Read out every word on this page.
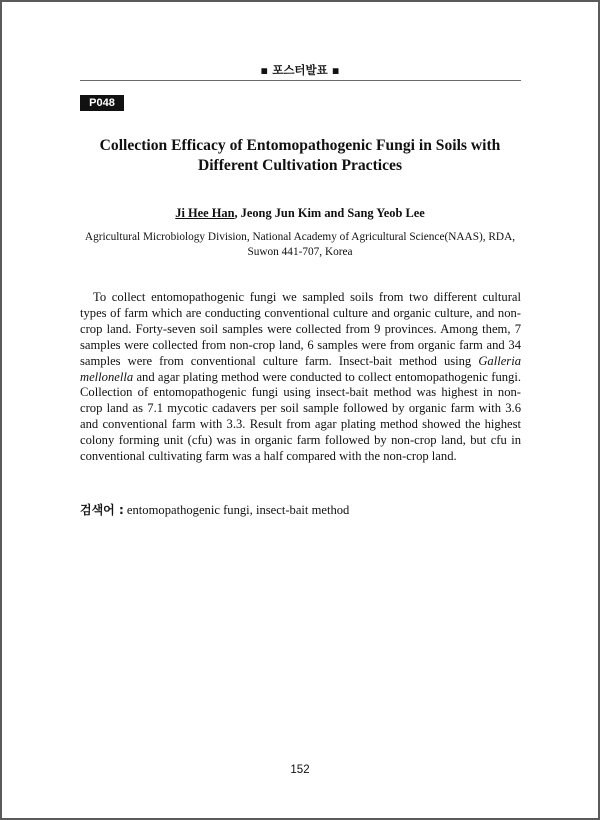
▪ 포스터발표 ▪
P048
Collection Efficacy of Entomopathogenic Fungi in Soils with Different Cultivation Practices
Ji Hee Han, Jeong Jun Kim and Sang Yeob Lee
Agricultural Microbiology Division, National Academy of Agricultural Science(NAAS), RDA,
Suwon 441-707, Korea

To collect entomopathogenic fungi we sampled soils from two different cultural types of farm which are conducting conventional culture and organic culture, and non-crop land. Forty-seven soil samples were collected from 9 provinces. Among them, 7 samples were collected from non-crop land, 6 samples were from organic farm and 34 samples were from conventional culture farm. Insect-bait method using Galleria mellonella and agar plating method were conducted to collect entomopathogenic fungi. Collection of entomopathogenic fungi using insect-bait method was highest in non-crop land as 7.1 mycotic cadavers per soil sample followed by organic farm with 3.6 and conventional farm with 3.3. Result from agar plating method showed the highest colony forming unit (cfu) was in organic farm followed by non-crop land, but cfu in conventional cultivating farm was a half compared with the non-crop land.

검색어 : entomopathogenic fungi, insect-bait method
152
